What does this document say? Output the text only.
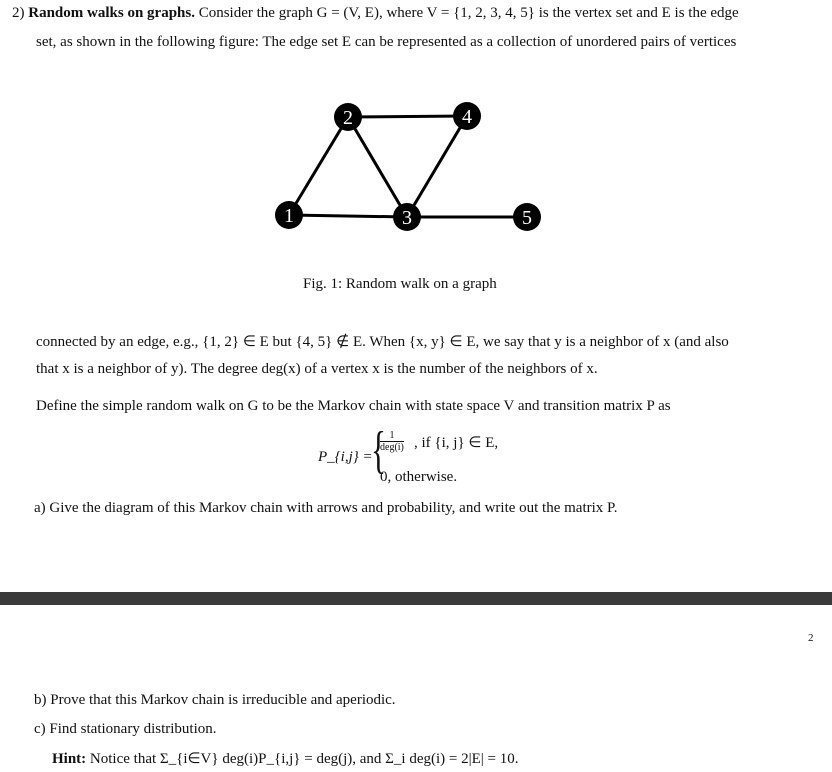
2) Random walks on graphs. Consider the graph G = (V, E), where V = {1, 2, 3, 4, 5} is the vertex set and E is the edge
set, as shown in the following figure: The edge set E can be represented as a collection of unordered pairs of vertices
1
2
3
4
5
Fig. 1: Random walk on a graph
connected by an edge, e.g., {1, 2} ∈ E but {4, 5} ∉ E. When {x, y} ∈ E, we say that y is a neighbor of x (and also
that x is a neighbor of y). The degree deg(x) of a vertex x is the number of the neighbors of x.
Define the simple random walk on G to be the Markov chain with state space V and transition matrix P as
P_{i,j} =
{ 1
deg(i) , if {i, j} ∈ E,
0, otherwise.
a) Give the diagram of this Markov chain with arrows and probability, and write out the matrix P.
2
b) Prove that this Markov chain is irreducible and aperiodic.
c) Find stationary distribution.
Hint: Notice that Σ_{i∈V} deg(i)P_{i,j} = deg(j), and Σ_i deg(i) = 2|E| = 10.
